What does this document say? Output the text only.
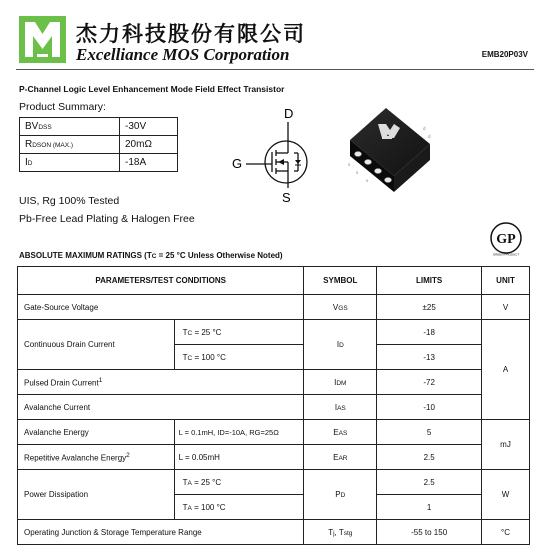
杰力科技股份有限公司
Excelliance MOS Corporation	EMB20P03V
P-Channel Logic Level Enhancement Mode Field Effect Transistor
Product Summary:
BVDSS	-30V
RDSON (MAX.)	20mΩ
ID	-18A
D
G
S
d
d
s
s
s
UIS, Rg 100% Tested
Pb-Free Lead Plating & Halogen Free
GP
GREEN PRODUCT
ABSOLUTE MAXIMUM RATINGS (TC = 25 °C Unless Otherwise Noted)
PARAMETERS/TEST CONDITIONS		SYMBOL	LIMITS	UNIT
Gate-Source Voltage		VGS	±25	V
Continuous Drain Current	TC = 25 °C	ID	-18	A
	TC = 100 °C		-13	
Pulsed Drain Current$^1$		IDM	-72	
Avalanche Current		IAS	-10	
Avalanche Energy	L = 0.1mH, ID=-10A, RG=25Ω	EAS	5	mJ
Repetitive Avalanche Energy$^2$	L = 0.05mH	EAR	2.5	
Power Dissipation	TA = 25 °C	PD	2.5	W
	TA = 100 °C		1	
Operating Junction & Storage Temperature Range		Tj, Tstg	-55 to 150	°C
